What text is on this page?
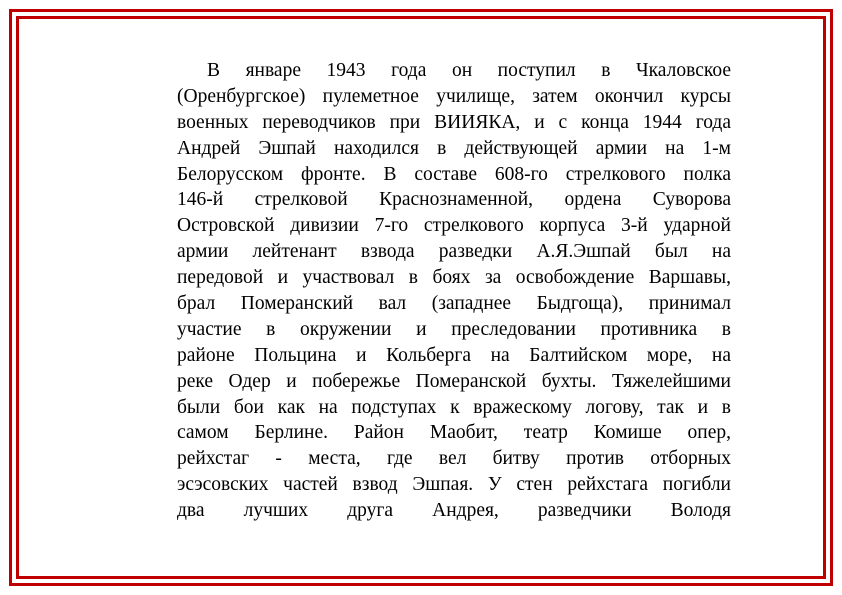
В январе 1943 года он поступил в Чкаловское
(Оренбургское) пулеметное училище, затем окончил курсы
военных переводчиков при ВИИЯКА, и с конца 1944 года
Андрей Эшпай находился в действующей армии на 1-м
Белорусском фронте. В составе 608-го стрелкового полка
146-й стрелковой Краснознаменной, ордена Суворова
Островской дивизии 7-го стрелкового корпуса 3-й ударной
армии лейтенант взвода разведки А.Я.Эшпай был на
передовой и участвовал в боях за освобождение Варшавы,
брал Померанский вал (западнее Быдгоща), принимал
участие в окружении и преследовании противника в
районе Польцина и Кольберга на Балтийском море, на
реке Одер и побережье Померанской бухты. Тяжелейшими
были бои как на подступах к вражескому логову, так и в
самом Берлине. Район Маобит, театр Комише опер,
рейхстаг - места, где вел битву против отборных
эсэсовских частей взвод Эшпая. У стен рейхстага погибли
два лучших друга Андрея, разведчики Володя
